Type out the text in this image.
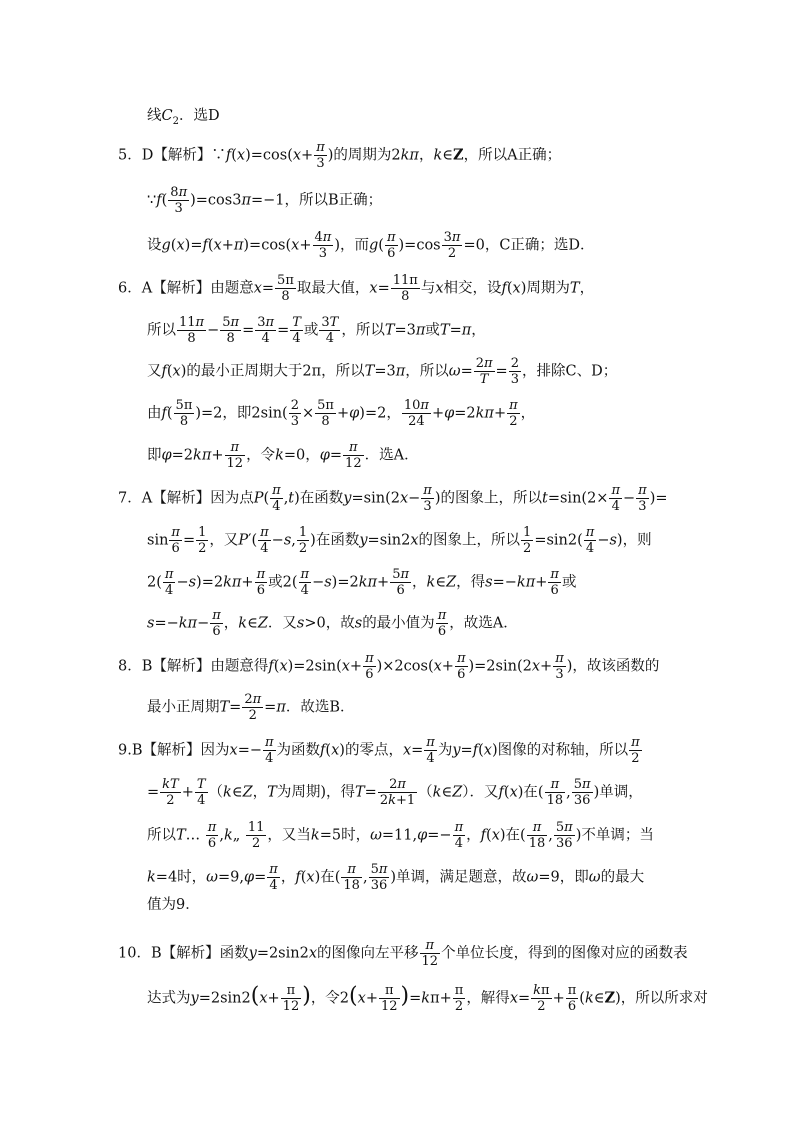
线$C_2$．选D
5．D【解析】∵f(x)=cos(x+ $\frac{\pi}{3}$ )的周期为2kπ，k∈Z，所以A正确；
∵f( $\frac{8\pi}{3} )=\cos 3\pi=-1$，所以B正确；
设$g(x)=f(x+\pi)=\cos(x+ \frac{4\pi}{3}$ )，而$g( \frac{\pi}{6} )=\cos \frac{3\pi}{2} =0$，C正确；选D．
6．A【解析】由题意$x= \frac{5\pi}{8}$ 取最大值，$x= \frac{11\pi}{8}$ 与x相交，设f(x)周期为T，
所以 $\frac{11\pi}{8} - \frac{5\pi}{8} = \frac{3\pi}{4} = \frac{T}{4}$ 或 $\frac{3T}{4}$ ，所以T=3π或T=π，
又f(x)的最小正周期大于2π，所以T=3π，所以$\omega= \frac{2\pi}{T} = \frac{2}{3}$ ，排除C、D；
由$f( \frac{5\pi}{8} )=2$，即$2\sin( \frac{2}{3} \times \frac{5\pi}{8} +\varphi)=2$， $\frac{10\pi}{24} +\varphi=2k\pi+ \frac{\pi}{2}$ ，
即$\varphi=2k\pi+ \frac{\pi}{12}$ ，令k=0，$\varphi= \frac{\pi}{12}$ ．选A．
7．A【解析】因为点$P( \frac{\pi}{4} ,t)$在函数$y=\sin(2x- \frac{\pi}{3}$ )的图象上，所以$t=\sin(2\times \frac{\pi}{4} - \frac{\pi}{3}$ )=
$\sin \frac{\pi}{6} = \frac{1}{2}$ ，又$P'( \frac{\pi}{4} -s$, $\frac{1}{2}$ )在函数y=sin2x的图象上，所以 $\frac{1}{2} =\sin 2( \frac{\pi}{4} -s)$，则
$2( \frac{\pi}{4} -s)=2k\pi+ \frac{\pi}{6}$ 或$2( \frac{\pi}{4} -s)=2k\pi+ \frac{5\pi}{6}$ ，k∈Z，得$s=-k\pi+ \frac{\pi}{6}$ 或
$s=-k\pi- \frac{\pi}{6}$ ，k∈Z．又s>0，故s的最小值为 $\frac{\pi}{6}$ ，故选A．
8．B【解析】由题意得$f(x)=2\sin(x+ \frac{\pi}{6} )\times 2\cos(x+ \frac{\pi}{6} )=2\sin(2x+ \frac{\pi}{3}$ )，故该函数的
最小正周期$T= \frac{2\pi}{2} =\pi$．故选B．
9.B【解析】因为$x=- \frac{\pi}{4}$ 为函数f(x)的零点，$x= \frac{\pi}{4}$ 为y=f(x)图像的对称轴，所以 $\frac{\pi}{2}$
= $\frac{kT}{2} + \frac{T}{4}$ （k∈Z，T为周期)，得$T= \frac{2\pi}{2k+1}$ （k∈Z）．又f(x)在( $\frac{\pi}{18}$ , $\frac{5\pi}{36}$ )单调，
所以T… $\frac{\pi}{6}$ ,k„ $\frac{11}{2}$ ，又当k=5时，$\omega=11,\varphi=- \frac{\pi}{4}$ ，f(x)在( $\frac{\pi}{18}$ , $\frac{5\pi}{36}$ )不单调；当
k=4时，$\omega=9,\varphi= \frac{\pi}{4}$ ，f(x)在( $\frac{\pi}{18}$ , $\frac{5\pi}{36}$ )单调，满足题意，故ω=9，即ω的最大
值为9．
10．B【解析】函数y=2sin2x的图像向左平移 $\frac{\pi}{12}$ 个单位长度，得到的图像对应的函数表
达式为$y=2\sin 2(x+ \frac{\pi}{12}$ )，令$2(x+ \frac{\pi}{12} )=k\pi+ \frac{\pi}{2}$ ，解得$x= \frac{k\pi}{2} + \frac{\pi}{6}$ (k∈Z)，所以所求对
